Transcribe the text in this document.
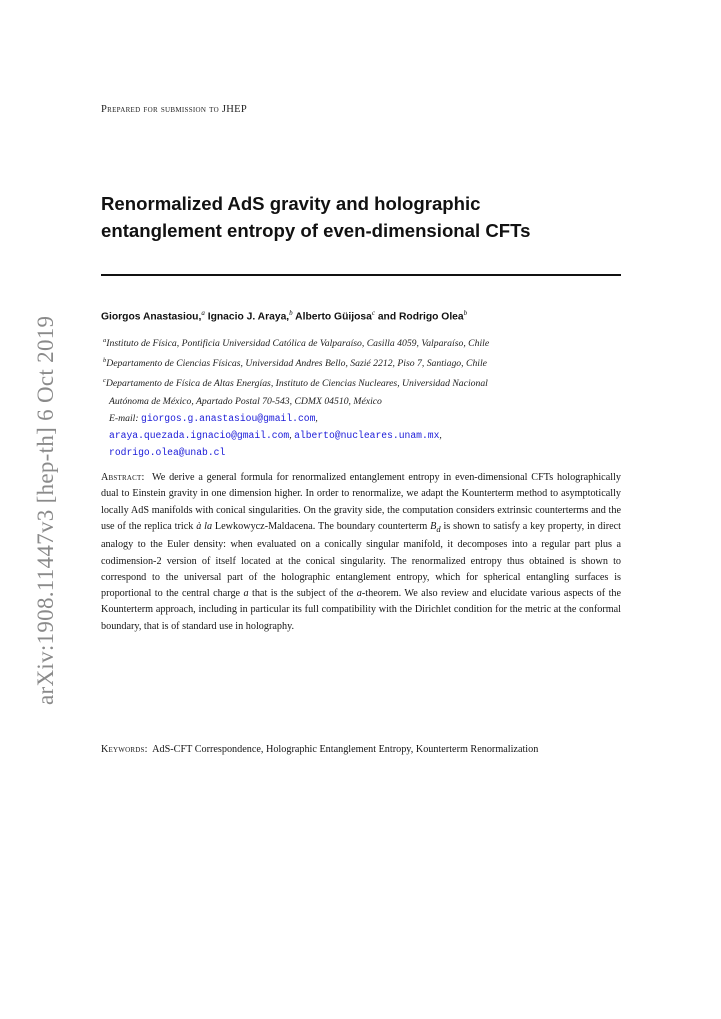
arXiv:1908.11447v3 [hep-th] 6 Oct 2019
Prepared for submission to JHEP
Renormalized AdS gravity and holographic
entanglement entropy of even-dimensional CFTs
Giorgos Anastasiou,$^a$ Ignacio J. Araya,$^b$ Alberto Güijosa$^c$ and Rodrigo Olea$^b$
$^a$Instituto de Física, Pontificia Universidad Católica de Valparaíso, Casilla 4059, Valparaíso, Chile
$^b$Departamento de Ciencias Físicas, Universidad Andres Bello, Sazié 2212, Piso 7, Santiago, Chile
$^c$Departamento de Física de Altas Energías, Instituto de Ciencias Nucleares, Universidad Nacional
Autónoma de México, Apartado Postal 70-543, CDMX 04510, México
E-mail: giorgos.g.anastasiou@gmail.com,
araya.quezada.ignacio@gmail.com, alberto@nucleares.unam.mx,
rodrigo.olea@unab.cl
Abstract: We derive a general formula for renormalized entanglement entropy in even-dimensional CFTs holographically dual to Einstein gravity in one dimension higher. In order to renormalize, we adapt the Kounterterm method to asymptotically locally AdS manifolds with conical singularities. On the gravity side, the computation considers extrinsic counterterms and the use of the replica trick à la Lewkowycz-Maldacena. The boundary counterterm $B_d$ is shown to satisfy a key property, in direct analogy to the Euler density: when evaluated on a conically singular manifold, it decomposes into a regular part plus a codimension-2 version of itself located at the conical singularity. The renormalized entropy thus obtained is shown to correspond to the universal part of the holographic entanglement entropy, which for spherical entangling surfaces is proportional to the central charge a that is the subject of the a-theorem. We also review and elucidate various aspects of the Kounterterm approach, including in particular its full compatibility with the Dirichlet condition for the metric at the conformal boundary, that is of standard use in holography.
Keywords: AdS-CFT Correspondence, Holographic Entanglement Entropy, Kounterterm Renormalization
